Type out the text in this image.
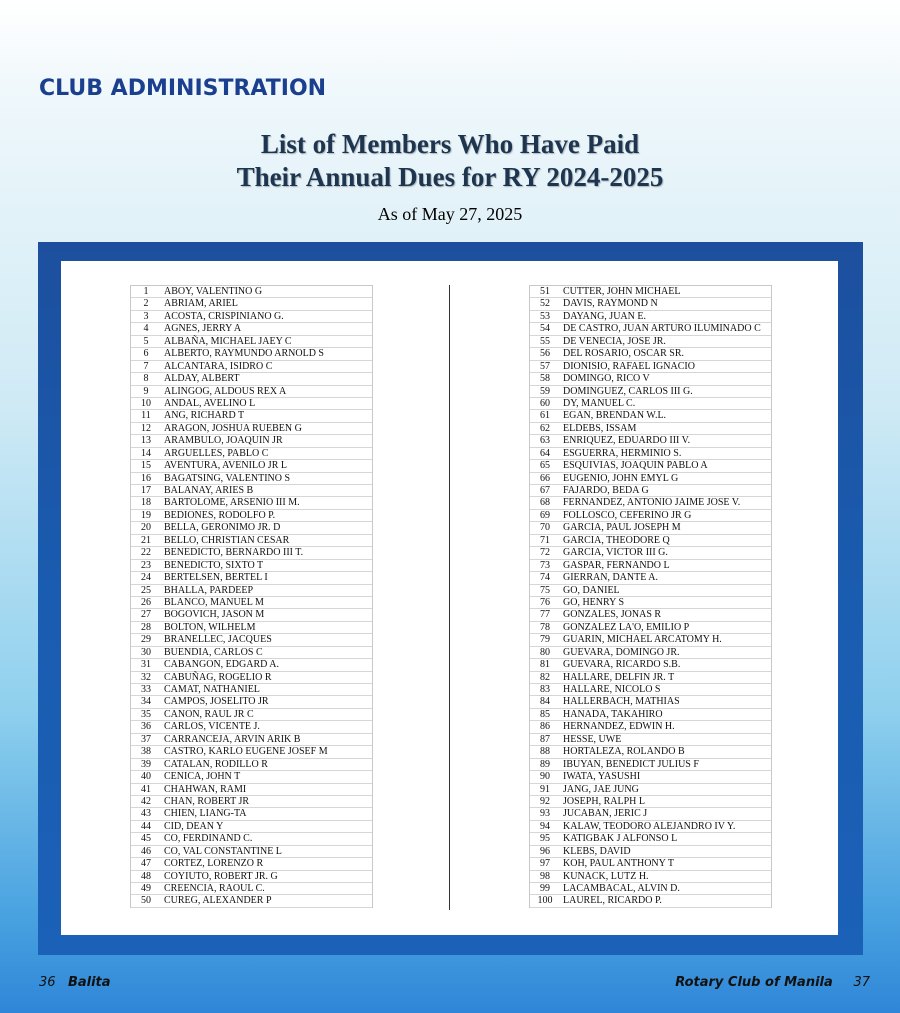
CLUB ADMINISTRATION
List of Members Who Have Paid
Their Annual Dues for RY 2024-2025
As of May 27, 2025
1	ABOY, VALENTINO G
2	ABRIAM, ARIEL
3	ACOSTA, CRISPINIANO G.
4	AGNES, JERRY A
5	ALBAÑA, MICHAEL JAEY C
6	ALBERTO, RAYMUNDO ARNOLD S
7	ALCANTARA, ISIDRO C
8	ALDAY, ALBERT
9	ALINGOG, ALDOUS REX A
10	ANDAL, AVELINO L
11	ANG, RICHARD T
12	ARAGON, JOSHUA RUEBEN G
13	ARAMBULO, JOAQUIN JR
14	ARGUELLES, PABLO C
15	AVENTURA, AVENILO JR L
16	BAGATSING, VALENTINO S
17	BALANAY, ARIES B
18	BARTOLOME, ARSENIO III M.
19	BEDIONES, RODOLFO P.
20	BELLA, GERONIMO JR. D
21	BELLO, CHRISTIAN CESAR
22	BENEDICTO, BERNARDO III T.
23	BENEDICTO, SIXTO T
24	BERTELSEN, BERTEL I
25	BHALLA, PARDEEP
26	BLANCO, MANUEL M
27	BOGOVICH, JASON M
28	BOLTON, WILHELM
29	BRANELLEC, JACQUES
30	BUENDIA, CARLOS C
31	CABANGON, EDGARD A.
32	CABUÑAG, ROGELIO R
33	CAMAT, NATHANIEL
34	CAMPOS, JOSELITO JR
35	CANON, RAUL JR C
36	CARLOS, VICENTE J.
37	CARRANCEJA, ARVIN ARIK B
38	CASTRO, KARLO EUGENE JOSEF M
39	CATALAN, RODILLO R
40	CENICA, JOHN T
41	CHAHWAN, RAMI
42	CHAN, ROBERT JR
43	CHIEN, LIANG-TA
44	CID, DEAN Y
45	CO, FERDINAND C.
46	CO, VAL CONSTANTINE L
47	CORTEZ, LORENZO R
48	COYIUTO, ROBERT JR. G
49	CREENCIA, RAOUL C.
50	CUREG, ALEXANDER P
51	CUTTER, JOHN MICHAEL
52	DAVIS, RAYMOND N
53	DAYANG, JUAN E.
54	DE CASTRO, JUAN ARTURO ILUMINADO C
55	DE VENECIA, JOSE JR.
56	DEL ROSARIO, OSCAR SR.
57	DIONISIO, RAFAEL IGNACIO
58	DOMINGO, RICO V
59	DOMINGUEZ, CARLOS III G.
60	DY, MANUEL C.
61	EGAN, BRENDAN W.L.
62	ELDEBS, ISSAM
63	ENRIQUEZ, EDUARDO III V.
64	ESGUERRA, HERMINIO S.
65	ESQUIVIAS, JOAQUIN PABLO A
66	EUGENIO, JOHN EMYL G
67	FAJARDO, BEDA G
68	FERNANDEZ, ANTONIO JAIME JOSE V.
69	FOLLOSCO, CEFERINO JR G
70	GARCIA, PAUL JOSEPH M
71	GARCIA, THEODORE Q
72	GARCIA, VICTOR III G.
73	GASPAR, FERNANDO L
74	GIERRAN, DANTE A.
75	GO, DANIEL
76	GO, HENRY S
77	GONZALES, JONAS R
78	GONZALEZ LA'O, EMILIO P
79	GUARIN, MICHAEL ARCATOMY H.
80	GUEVARA, DOMINGO JR.
81	GUEVARA, RICARDO S.B.
82	HALLARE, DELFIN JR. T
83	HALLARE, NICOLO S
84	HALLERBACH, MATHIAS
85	HANADA, TAKAHIRO
86	HERNANDEZ, EDWIN H.
87	HESSE, UWE
88	HORTALEZA, ROLANDO B
89	IBUYAN, BENEDICT JULIUS F
90	IWATA, YASUSHI
91	JANG, JAE JUNG
92	JOSEPH, RALPH L
93	JUCABAN, JERIC J
94	KALAW, TEODORO ALEJANDRO IV Y.
95	KATIGBAK J ALFONSO L
96	KLEBS, DAVID
97	KOH, PAUL ANTHONY T
98	KUNACK, LUTZ H.
99	LACAMBACAL, ALVIN D.
100	LAUREL, RICARDO P.
36 Balita	Rotary Club of Manila 37
